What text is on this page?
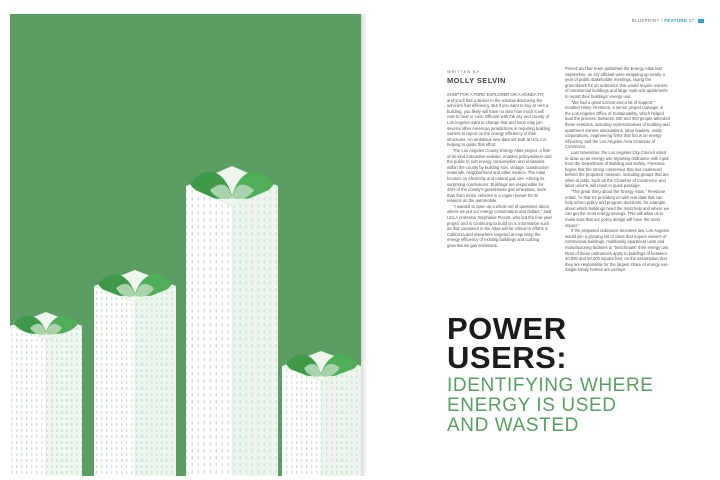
BLUEPRINT / FEATURE 37
WRITTEN BY
MOLLY SELVIN

SHOP FOR A FORD EXPLORER OR A HONDA FIT, and you'll find a sticker in the window disclosing the vehicle's fuel efficiency. But if you want to buy or rent a building, you likely will have no idea how much it will cost to heat or cool. Officials with the city and county of Los Angeles want to change that and soon may join several other American jurisdictions in requiring building owners to report on the energy efficiency of their structures. An ambitious new data set built at UCLA is helping to guide that effort.

The Los Angeles County Energy Atlas project, a first-of-its-kind interactive website, enables policymakers and the public to sort energy consumption and emissions within the county by building size, vintage, construction materials, neighborhood and other metrics. The Atlas focuses on electricity and natural gas use. Among its surprising conclusions: Buildings are responsible for 40% of the county's greenhouse gas emissions, more than from motor vehicles in a region known for its reliance on the automobile.

"I wanted to open up a whole set of questions about where we put our energy conservation and dollars," said UCLA professor Stephanie Pincetl, who led the four-year project and is continuing to build on it. Information such as that contained in the Atlas will be critical to efforts in California and elsewhere targeted at improving the energy efficiency of existing buildings and curbing greenhouse gas emissions.

Pincetl and her team published the Energy Atlas last September, as city officials were wrapping up nearly a year of public stakeholder meetings, laying the groundwork for an ordinance that would require owners of commercial buildings and large multi-unit apartments to report their buildings' energy use.

"We had a great turnout and a lot of support," recalled Hilary Firestone, a senior project manager in the Los Angeles Office of Sustainability, which helped lead the process. Between 200 and 300 people attended these sessions, including representatives of building and apartment owners associations, labor leaders, realty corporations, engineering firms that focus on energy efficiency, and the Los Angeles Area Chamber of Commerce.

Last November, the Los Angeles City Council voted to draw up an energy-use reporting ordinance with input from the Department of Building and Safety. Firestone hopes that the strong consensus that has coalesced behind the proposed measure, including groups that are often at odds, such as the Chamber of Commerce and labor unions, will result in quick passage.

"The great thing about the Energy Atlas," Firestone noted, "is that it's providing us with real data that can help inform policy and program decisions, for example, about which buildings need the most help and where we can get the most energy savings. This will allow us to make sure that our policy design will have the most impact."

If the proposed ordinance becomes law, Los Angeles would join a growing list of cities that require owners of commercial buildings, multifamily apartment units and manufacturing facilities to "benchmark" their energy use. Most of these ordinances apply to buildings of between 20,000 and 50,000 square feet, on the assumption that they are responsible for the largest share of energy use. Single-family homes are exempt.

POWER
USERS:
IDENTIFYING WHERE
ENERGY IS USED
AND WASTED
